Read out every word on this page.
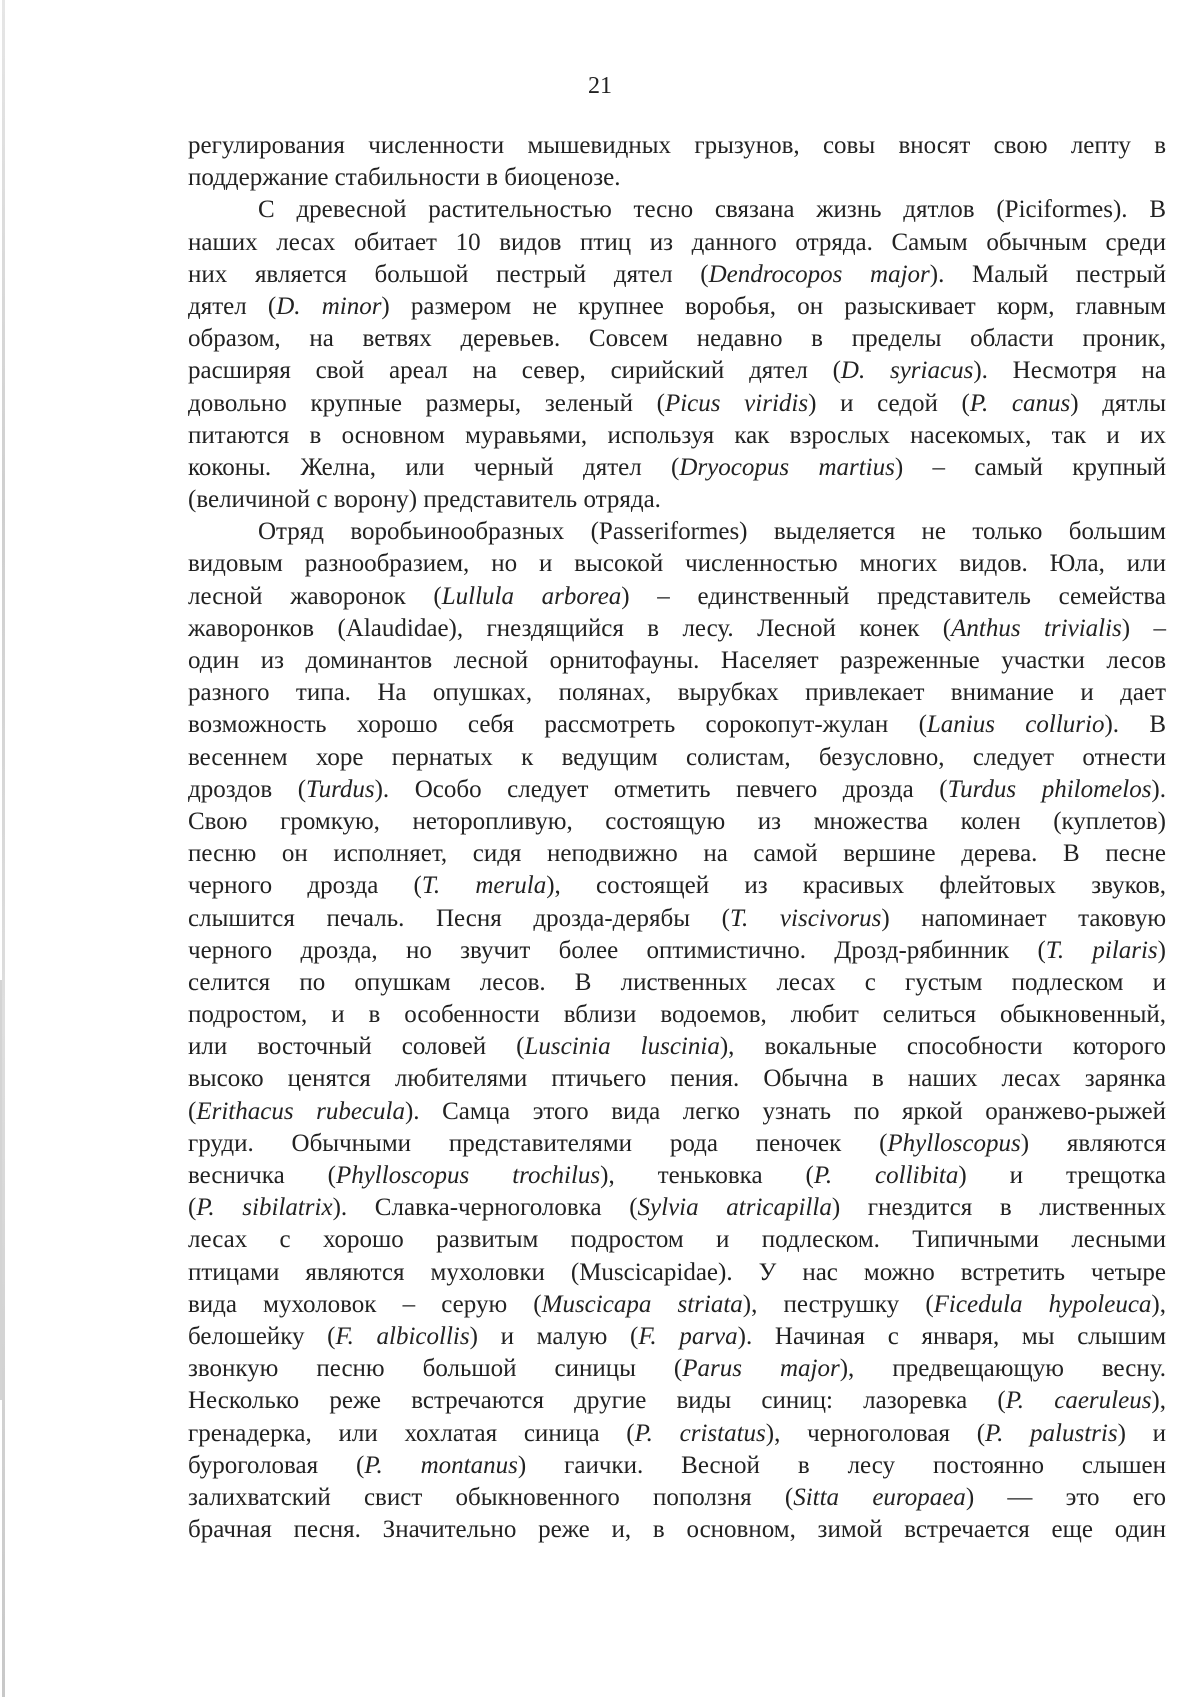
21
регулирования численности мышевидных грызунов, совы вносят свою лепту в
поддержание стабильности в биоценозе.
С древесной растительностью тесно связана жизнь дятлов (Piciformes). В
наших лесах обитает 10 видов птиц из данного отряда. Самым обычным среди
них является большой пестрый дятел (Dendrocopos major). Малый пестрый
дятел (D. minor) размером не крупнее воробья, он разыскивает корм, главным
образом, на ветвях деревьев. Совсем недавно в пределы области проник,
расширяя свой ареал на север, сирийский дятел (D. syriacus). Несмотря на
довольно крупные размеры, зеленый (Picus viridis) и седой (P. canus) дятлы
питаются в основном муравьями, используя как взрослых насекомых, так и их
коконы. Желна, или черный дятел (Dryocopus martius) – самый крупный
(величиной с ворону) представитель отряда.
Отряд воробьинообразных (Passeriformes) выделяется не только большим
видовым разнообразием, но и высокой численностью многих видов. Юла, или
лесной жаворонок (Lullula arborea) – единственный представитель семейства
жаворонков (Alaudidae), гнездящийся в лесу. Лесной конек (Anthus trivialis) –
один из доминантов лесной орнитофауны. Населяет разреженные участки лесов
разного типа. На опушках, полянах, вырубках привлекает внимание и дает
возможность хорошо себя рассмотреть сорокопут-жулан (Lanius collurio). В
весеннем хоре пернатых к ведущим солистам, безусловно, следует отнести
дроздов (Turdus). Особо следует отметить певчего дрозда (Turdus philomelos).
Свою громкую, неторопливую, состоящую из множества колен (куплетов)
песню он исполняет, сидя неподвижно на самой вершине дерева. В песне
черного дрозда (T. merula), состоящей из красивых флейтовых звуков,
слышится печаль. Песня дрозда-дерябы (T. viscivorus) напоминает таковую
черного дрозда, но звучит более оптимистично. Дрозд-рябинник (T. pilaris)
селится по опушкам лесов. В лиственных лесах с густым подлеском и
подростом, и в особенности вблизи водоемов, любит селиться обыкновенный,
или восточный соловей (Luscinia luscinia), вокальные способности которого
высоко ценятся любителями птичьего пения. Обычна в наших лесах зарянка
(Erithacus rubecula). Самца этого вида легко узнать по яркой оранжево-рыжей
груди. Обычными представителями рода пеночек (Phylloscopus) являются
весничка (Phylloscopus trochilus), теньковка (P. collibita) и трещотка
(P. sibilatrix). Славка-черноголовка (Sylvia atricapilla) гнездится в лиственных
лесах с хорошо развитым подростом и подлеском. Типичными лесными
птицами являются мухоловки (Muscicapidae). У нас можно встретить четыре
вида мухоловок – серую (Muscicapa striata), пеструшку (Ficedula hypoleuca),
белошейку (F. albicollis) и малую (F. parva). Начиная с января, мы слышим
звонкую песню большой синицы (Parus major), предвещающую весну.
Несколько реже встречаются другие виды синиц: лазоревка (P. caeruleus),
гренадерка, или хохлатая синица (P. cristatus), черноголовая (P. palustris) и
буроголовая (P. montanus) гаички. Весной в лесу постоянно слышен
залихватский свист обыкновенного поползня (Sitta europaea) — это его
брачная песня. Значительно реже и, в основном, зимой встречается еще один
